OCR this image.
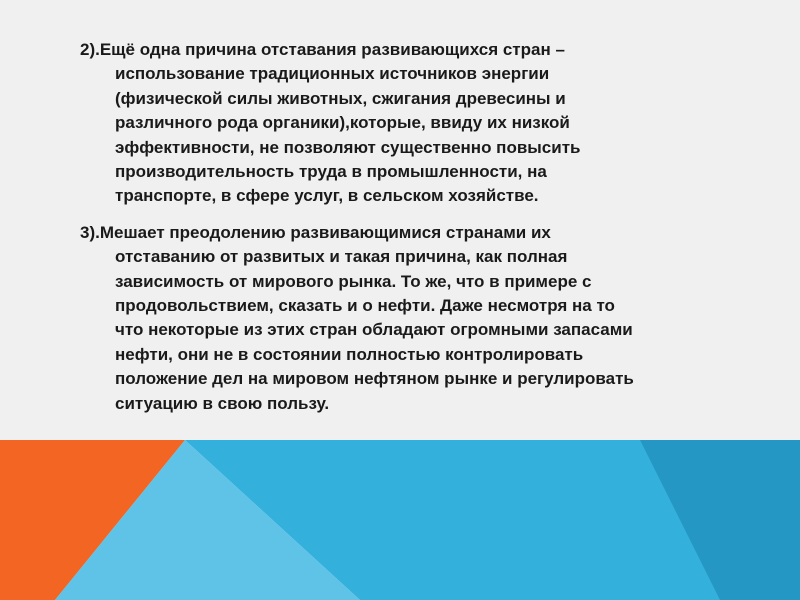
2).Ещё одна причина отставания развивающихся стран –
использование традиционных источников энергии
(физической силы животных, сжигания древесины и
различного рода органики),которые, ввиду их низкой
эффективности, не позволяют существенно повысить
производительность труда в промышленности, на
транспорте, в сфере услуг, в сельском хозяйстве.

3).Мешает преодолению развивающимися странами их
отставанию от развитых и такая причина, как полная
зависимость от мирового рынка. То же, что в примере с
продовольствием, сказать и о нефти. Даже несмотря на то
что некоторые из этих стран обладают огромными запасами
нефти, они не в состоянии полностью контролировать
положение дел на мировом нефтяном рынке и регулировать
ситуацию в свою пользу.
